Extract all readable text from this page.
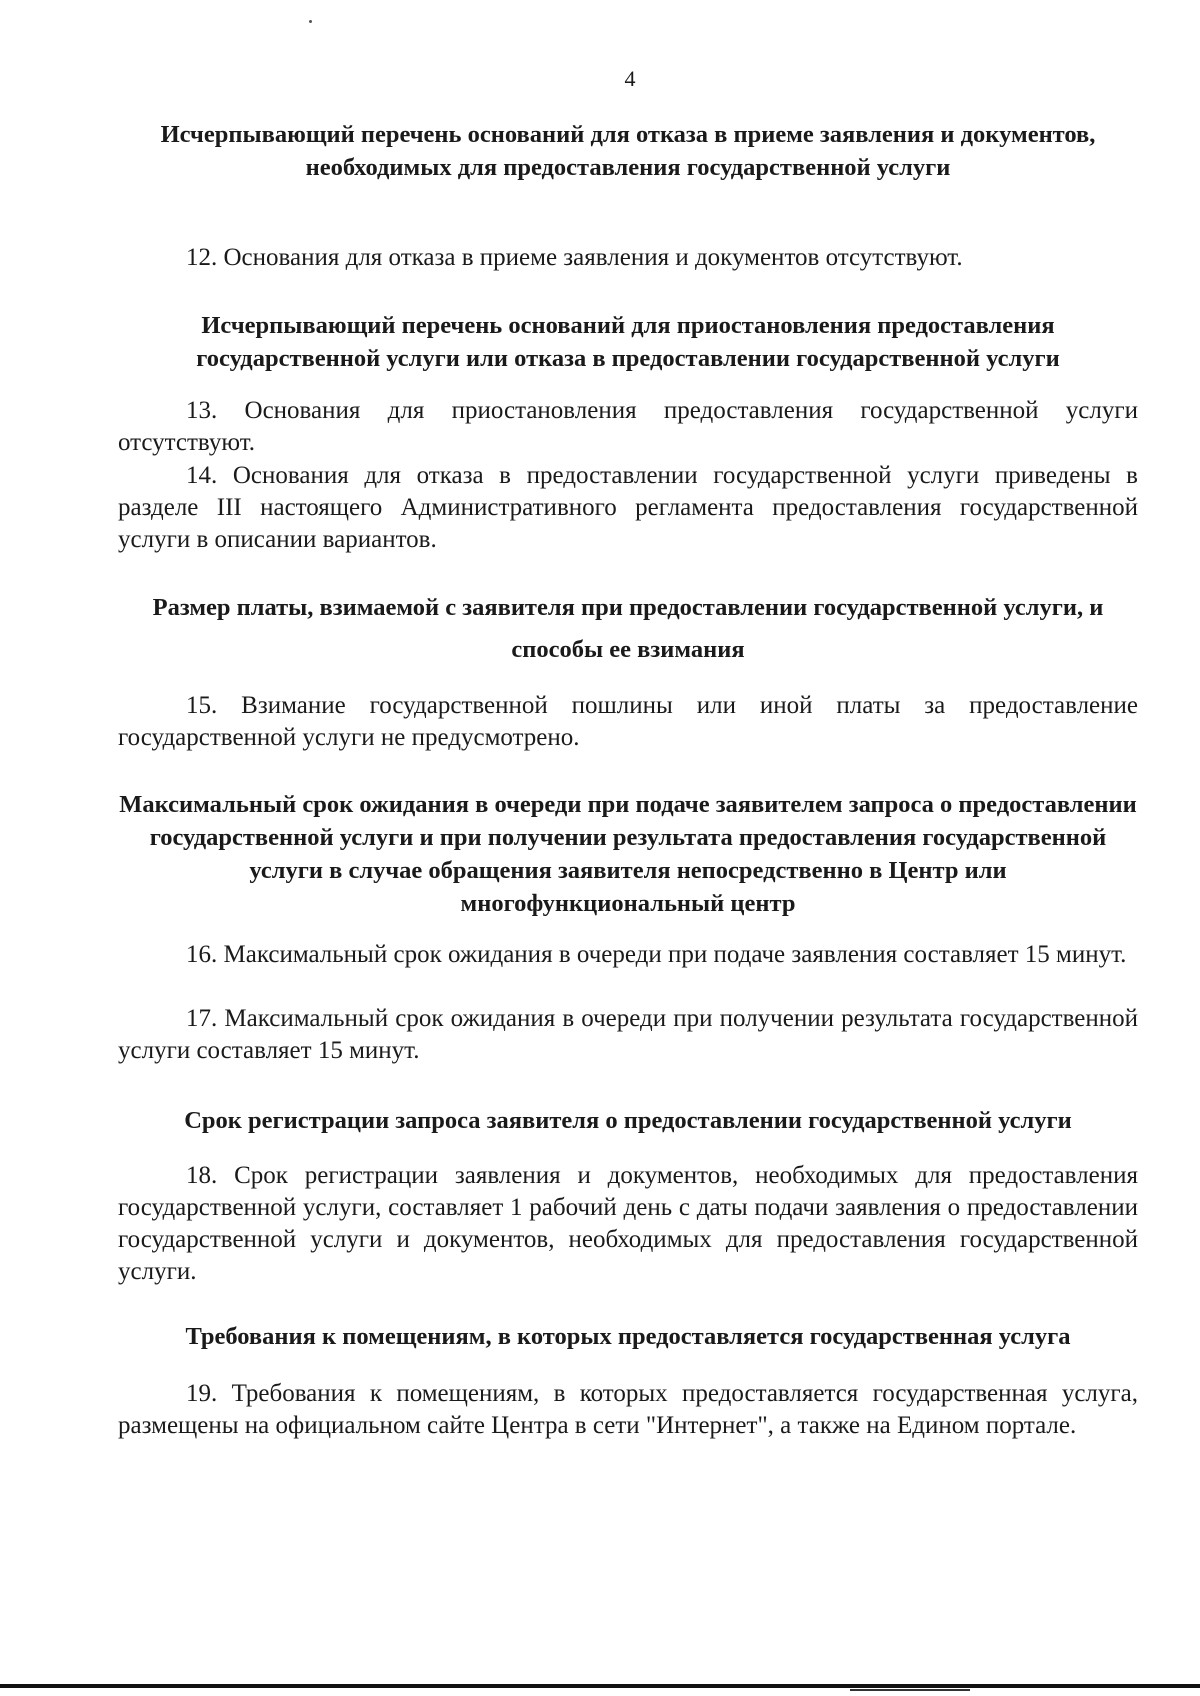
4
Исчерпывающий перечень оснований для отказа в приеме заявления и документов, необходимых для предоставления государственной услуги
12. Основания для отказа в приеме заявления и документов отсутствуют.
Исчерпывающий перечень оснований для приостановления предоставления государственной услуги или отказа в предоставлении государственной услуги
13. Основания для приостановления предоставления государственной услуги отсутствуют.
14. Основания для отказа в предоставлении государственной услуги приведены в разделе III настоящего Административного регламента предоставления государственной услуги в описании вариантов.
Размер платы, взимаемой с заявителя при предоставлении государственной услуги, и способы ее взимания
15. Взимание государственной пошлины или иной платы за предоставление государственной услуги не предусмотрено.
Максимальный срок ожидания в очереди при подаче заявителем запроса о предоставлении государственной услуги и при получении результата предоставления государственной услуги в случае обращения заявителя непосредственно в Центр или многофункциональный центр
16. Максимальный срок ожидания в очереди при подаче заявления составляет 15 минут.
17. Максимальный срок ожидания в очереди при получении результата государственной услуги составляет 15 минут.
Срок регистрации запроса заявителя о предоставлении государственной услуги
18. Срок регистрации заявления и документов, необходимых для предоставления государственной услуги, составляет 1 рабочий день с даты подачи заявления о предоставлении государственной услуги и документов, необходимых для предоставления государственной услуги.
Требования к помещениям, в которых предоставляется государственная услуга
19. Требования к помещениям, в которых предоставляется государственная услуга, размещены на официальном сайте Центра в сети "Интернет", а также на Едином портале.
